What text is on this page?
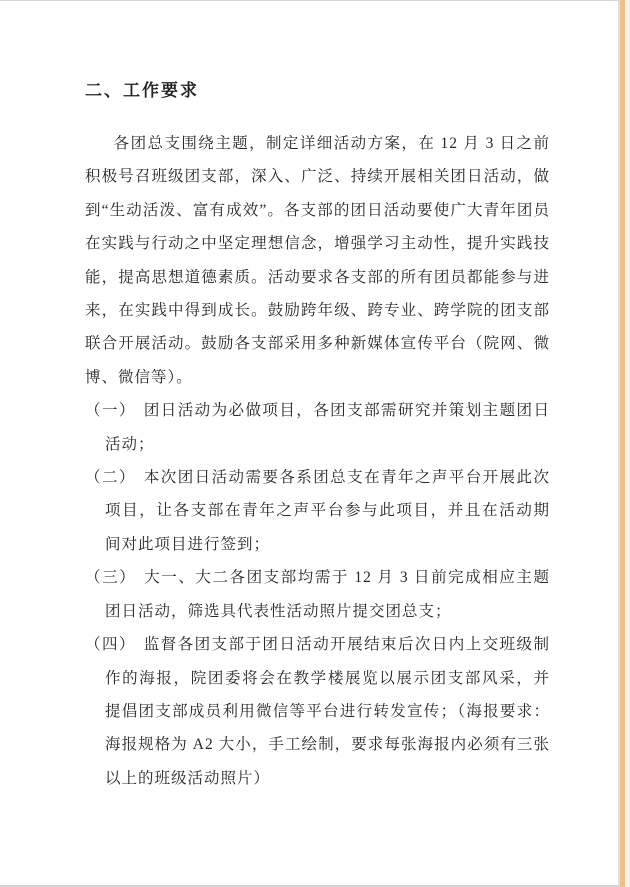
二、工作要求

各团总支围绕主题，制定详细活动方案，在 12 月 3 日之前积极号召班级团支部，深入、广泛、持续开展相关团日活动，做到“生动活泼、富有成效”。各支部的团日活动要使广大青年团员在实践与行动之中坚定理想信念，增强学习主动性，提升实践技能，提高思想道德素质。活动要求各支部的所有团员都能参与进来，在实践中得到成长。鼓励跨年级、跨专业、跨学院的团支部联合开展活动。鼓励各支部采用多种新媒体宣传平台（院网、微博、微信等）。

（一） 团日活动为必做项目，各团支部需研究并策划主题团日活动；
（二） 本次团日活动需要各系团总支在青年之声平台开展此次项目，让各支部在青年之声平台参与此项目，并且在活动期间对此项目进行签到；
（三） 大一、大二各团支部均需于 12 月 3 日前完成相应主题团日活动，筛选具代表性活动照片提交团总支；
（四） 监督各团支部于团日活动开展结束后次日内上交班级制作的海报，院团委将会在教学楼展览以展示团支部风采，并提倡团支部成员利用微信等平台进行转发宣传；（海报要求：海报规格为 A2 大小，手工绘制，要求每张海报内必须有三张以上的班级活动照片）
